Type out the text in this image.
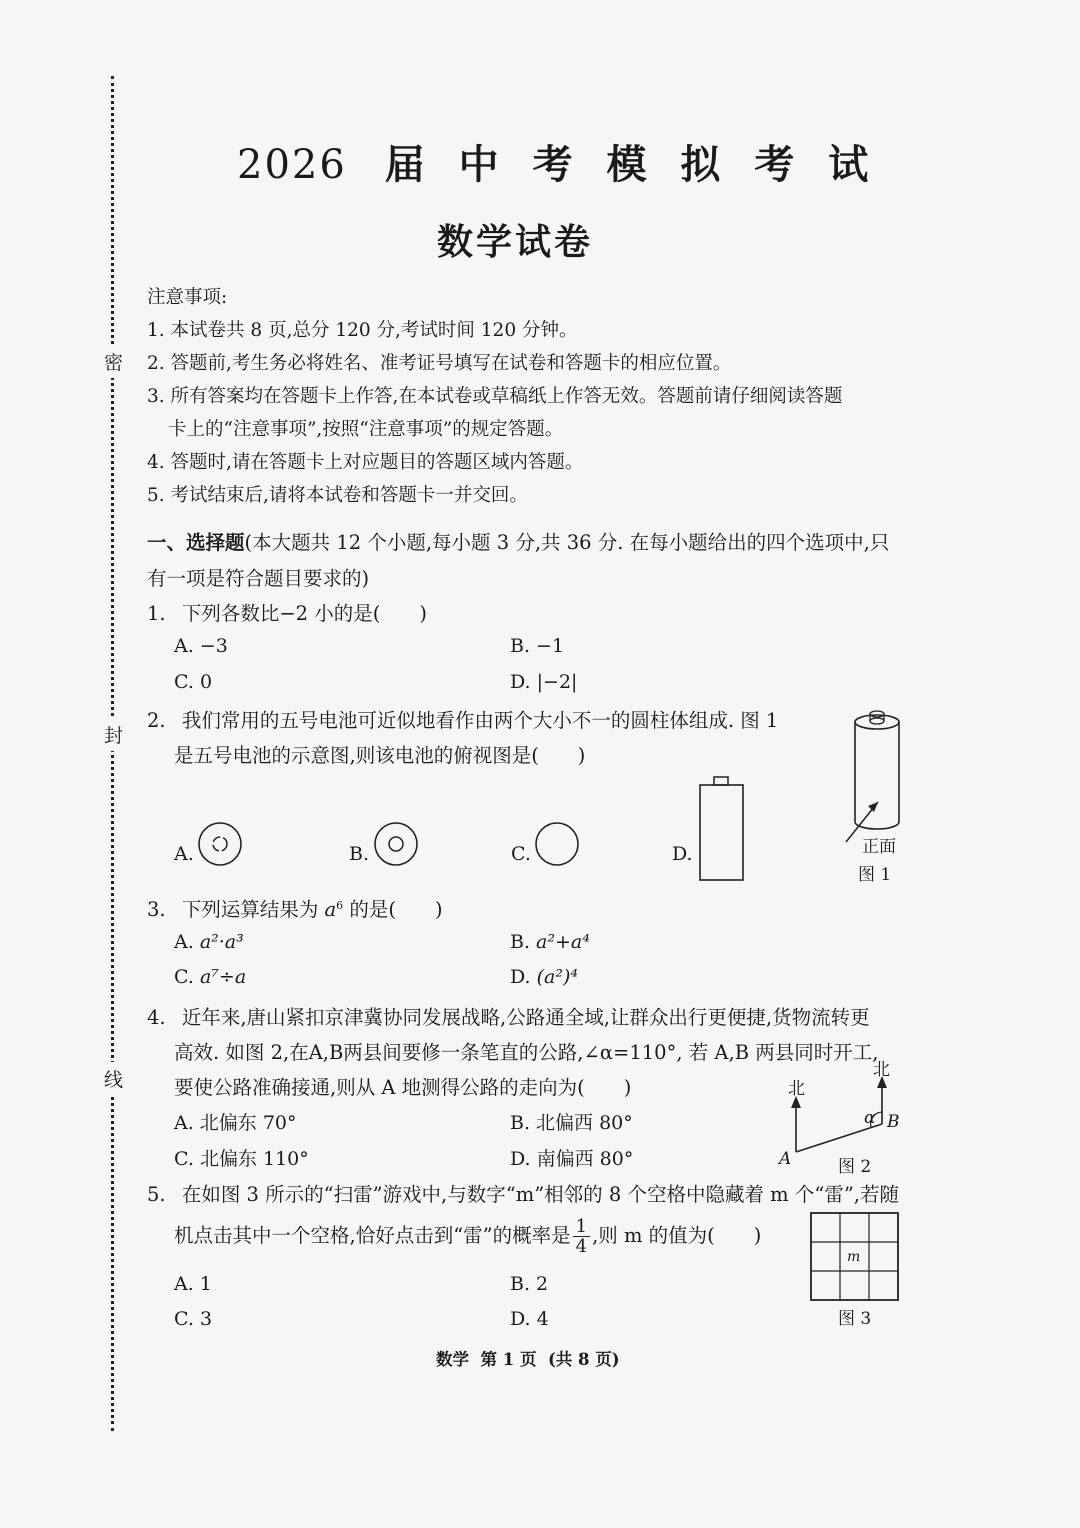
密
封
线
2026 届 中 考 模 拟 考 试
数学试卷
注意事项:
1. 本试卷共 8 页,总分 120 分,考试时间 120 分钟。
2. 答题前,考生务必将姓名、准考证号填写在试卷和答题卡的相应位置。
3. 所有答案均在答题卡上作答,在本试卷或草稿纸上作答无效。答题前请仔细阅读答题
卡上的“注意事项”,按照“注意事项”的规定答题。
4. 答题时,请在答题卡上对应题目的答题区域内答题。
5. 考试结束后,请将本试卷和答题卡一并交回。
一、选择题(本大题共 12 个小题,每小题 3 分,共 36 分. 在每小题给出的四个选项中,只
有一项是符合题目要求的)
1. 下列各数比−2 小的是(　　)
A. −3	B. −1
C. 0	D. |−2|
2. 我们常用的五号电池可近似地看作由两个大小不一的圆柱体组成. 图 1
是五号电池的示意图,则该电池的俯视图是(　　)
A.	B.	C.	D.	正面
图 1
3. 下列运算结果为 $a^6$ 的是(　　)
A. a²·a³	B. a²+a⁴
C. a⁷÷a	D. (a²)⁴
4. 近年来,唐山紧扣京津冀协同发展战略,公路通全域,让群众出行更便捷,货物流转更
高效. 如图 2,在A,B两县间要修一条笔直的公路,∠α=110°, 若 A,B 两县同时开工,
要使公路准确接通,则从 A 地测得公路的走向为(　　)
A. 北偏东 70°	B. 北偏西 80°
C. 北偏东 110°	D. 南偏西 80°
北
北
α B
A	图 2
5. 在如图 3 所示的“扫雷”游戏中,与数字“m”相邻的 8 个空格中隐藏着 m 个“雷”,若随
机点击其中一个空格,恰好点击到“雷”的概率是 $\frac{1}{4}$ ,则 m 的值为(　　)
A. 1	B. 2
C. 3	D. 4
m
图 3
数学  第 1 页  (共 8 页)
